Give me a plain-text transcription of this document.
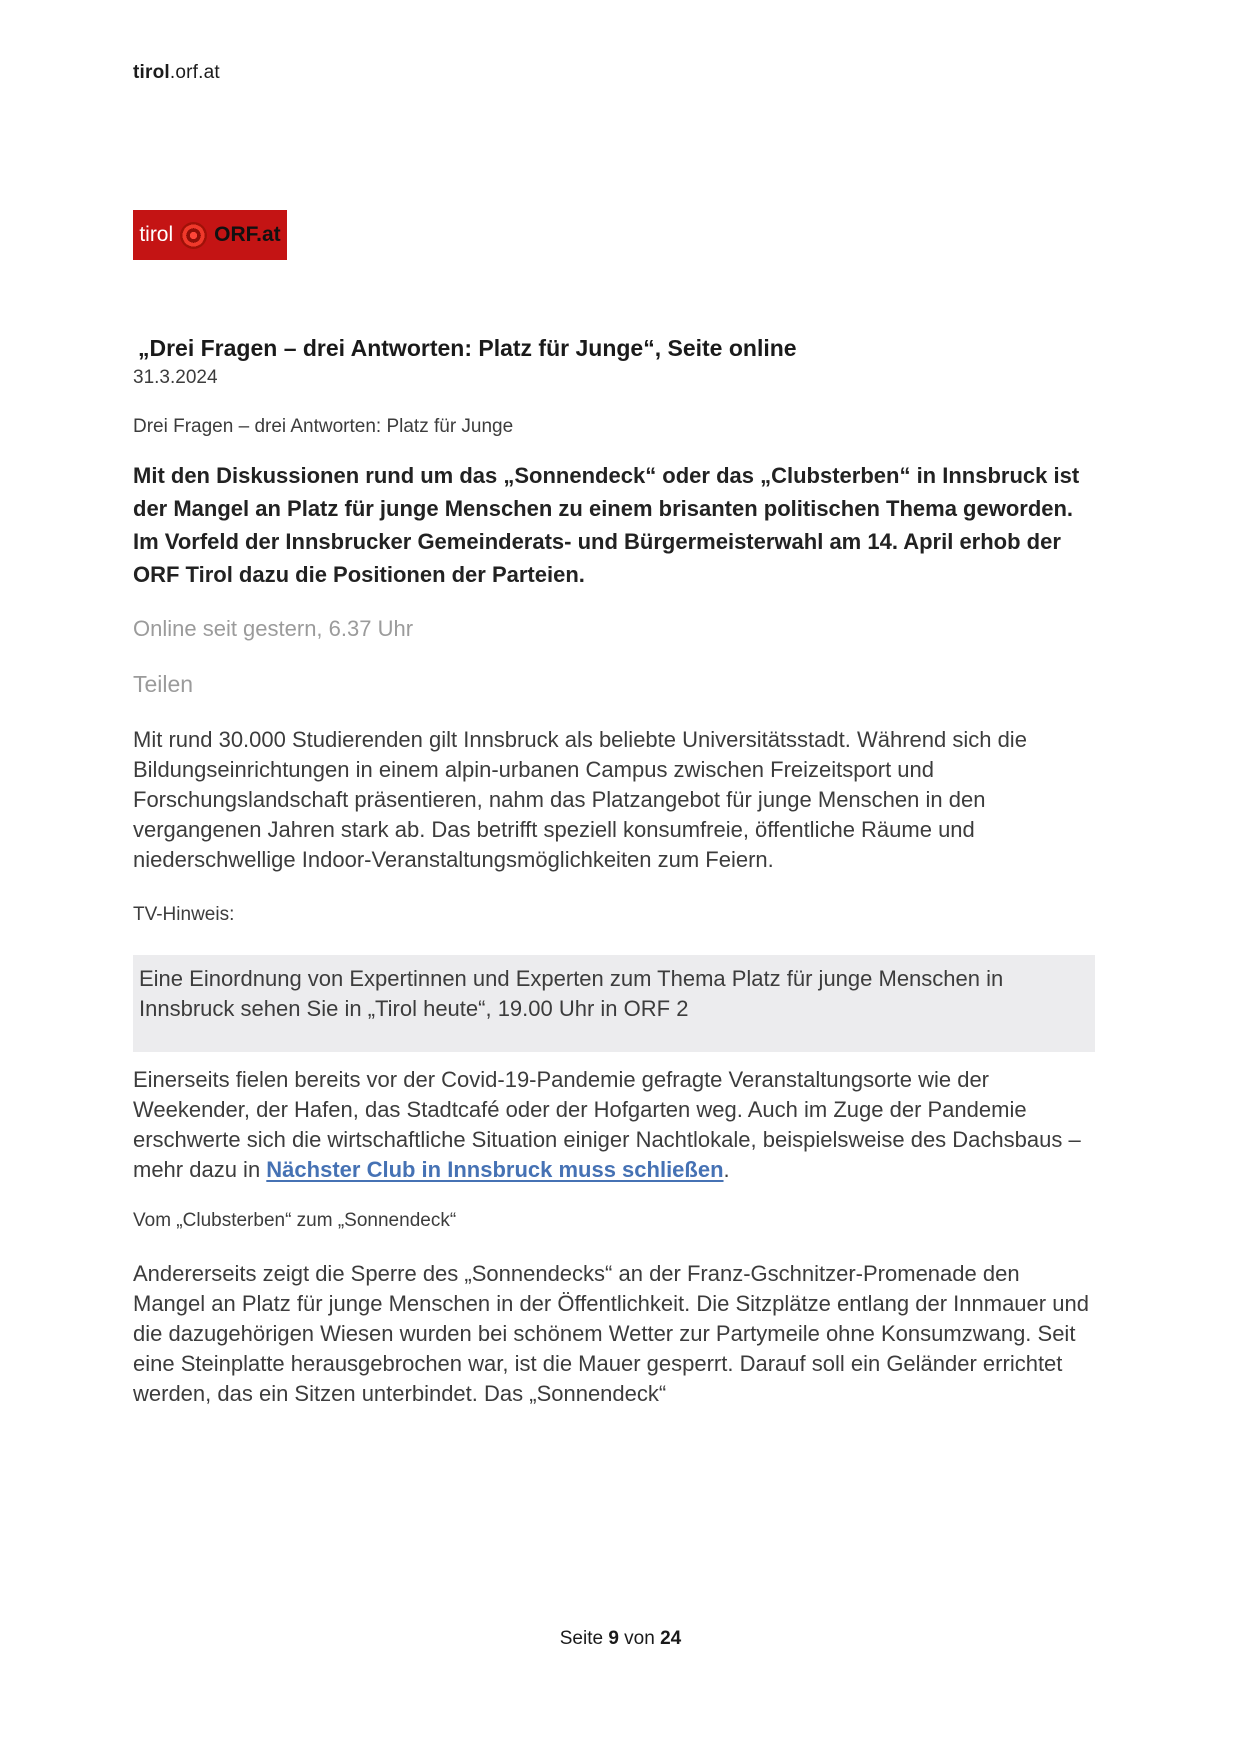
tirol.orf.at
tirol ORF.at
„Drei Fragen – drei Antworten: Platz für Junge“, Seite online
31.3.2024
Drei Fragen – drei Antworten: Platz für Junge

Mit den Diskussionen rund um das „Sonnendeck“ oder das „Clubsterben“ in Innsbruck ist der Mangel an Platz für junge Menschen zu einem brisanten politischen Thema geworden. Im Vorfeld der Innsbrucker Gemeinderats- und Bürgermeisterwahl am 14. April erhob der ORF Tirol dazu die Positionen der Parteien.

Online seit gestern, 6.37 Uhr
Teilen

Mit rund 30.000 Studierenden gilt Innsbruck als beliebte Universitätsstadt. Während sich die Bildungseinrichtungen in einem alpin-urbanen Campus zwischen Freizeitsport und Forschungslandschaft präsentieren, nahm das Platzangebot für junge Menschen in den vergangenen Jahren stark ab. Das betrifft speziell konsumfreie, öffentliche Räume und niederschwellige Indoor-Veranstaltungsmöglichkeiten zum Feiern.

TV-Hinweis:
Eine Einordnung von Expertinnen und Experten zum Thema Platz für junge Menschen in Innsbruck sehen Sie in „Tirol heute“, 19.00 Uhr in ORF 2

Einerseits fielen bereits vor der Covid-19-Pandemie gefragte Veranstaltungsorte wie der Weekender, der Hafen, das Stadtcafé oder der Hofgarten weg. Auch im Zuge der Pandemie erschwerte sich die wirtschaftliche Situation einiger Nachtlokale, beispielsweise des Dachsbaus – mehr dazu in Nächster Club in Innsbruck muss schließen.

Vom „Clubsterben“ zum „Sonnendeck“

Andererseits zeigt die Sperre des „Sonnendecks“ an der Franz-Gschnitzer-Promenade den Mangel an Platz für junge Menschen in der Öffentlichkeit. Die Sitzplätze entlang der Innmauer und die dazugehörigen Wiesen wurden bei schönem Wetter zur Partymeile ohne Konsumzwang. Seit eine Steinplatte herausgebrochen war, ist die Mauer gesperrt. Darauf soll ein Geländer errichtet werden, das ein Sitzen unterbindet. Das „Sonnendeck“

Seite 9 von 24
